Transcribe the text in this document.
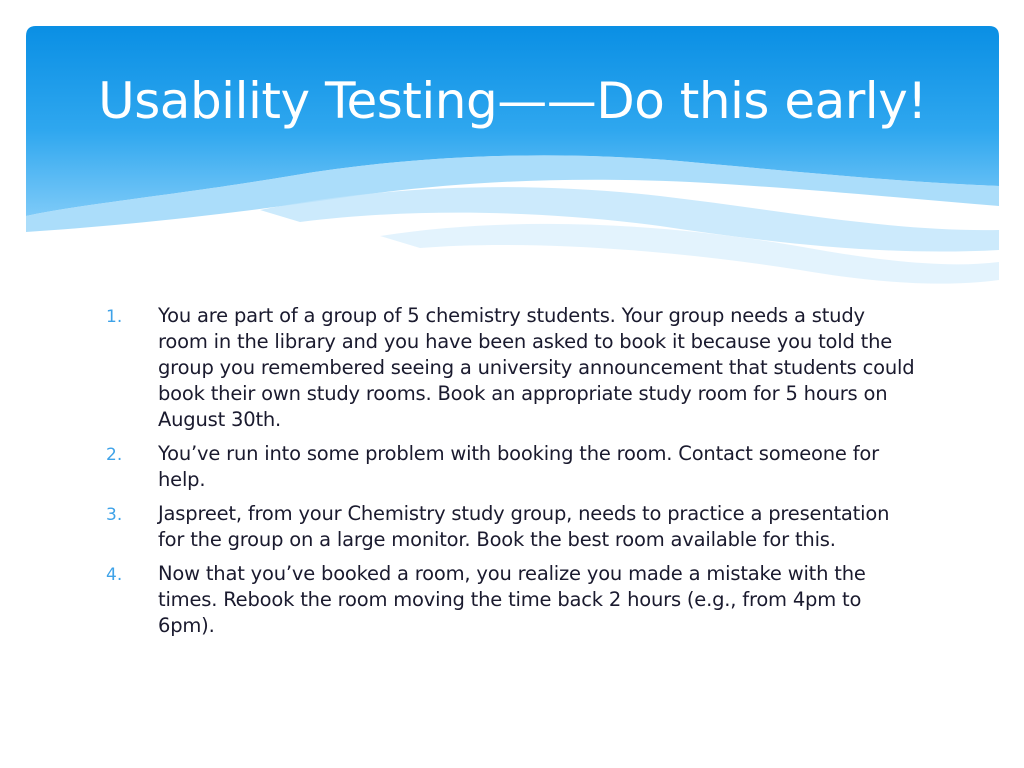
Usability Testing——Do this early!
1.	You are part of a group of 5 chemistry students. Your group needs a study room in the library and you have been asked to book it because you told the group you remembered seeing a university announcement that students could book their own study rooms. Book an appropriate study room for 5 hours on August 30th.
2.	You’ve run into some problem with booking the room. Contact someone for help.
3.	Jaspreet, from your Chemistry study group, needs to practice a presentation for the group on a large monitor. Book the best room available for this.
4.	Now that you’ve booked a room, you realize you made a mistake with the times. Rebook the room moving the time back 2 hours (e.g., from 4pm to 6pm).
